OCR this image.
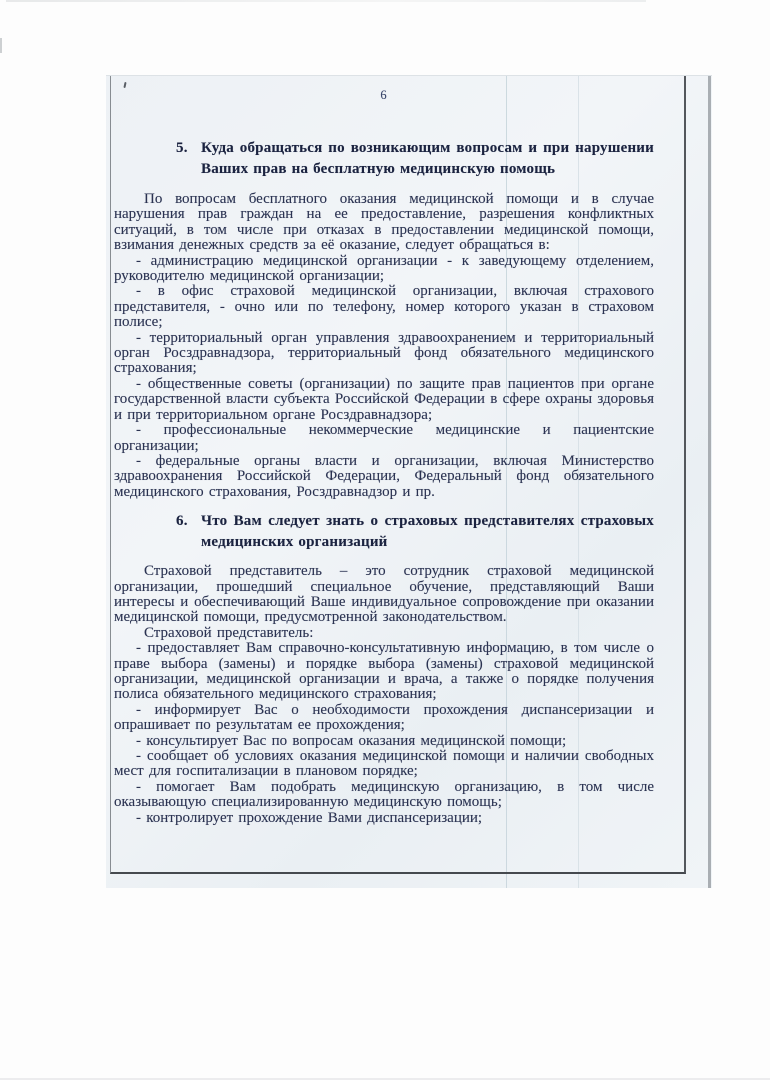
6
5. Куда обращаться по возникающим вопросам и при нарушении Ваших прав на бесплатную медицинскую помощь

По вопросам бесплатного оказания медицинской помощи и в случае нарушения прав граждан на ее предоставление, разрешения конфликтных ситуаций, в том числе при отказах в предоставлении медицинской помощи, взимания денежных средств за её оказание, следует обращаться в:

- администрацию медицинской организации - к заведующему отделением, руководителю медицинской организации;

- в офис страховой медицинской организации, включая страхового представителя, - очно или по телефону, номер которого указан в страховом полисе;

- территориальный орган управления здравоохранением и территориальный орган Росздравнадзора, территориальный фонд обязательного медицинского страхования;

- общественные советы (организации) по защите прав пациентов при органе государственной власти субъекта Российской Федерации в сфере охраны здоровья и при территориальном органе Росздравнадзора;

- профессиональные некоммерческие медицинские и пациентские организации;

- федеральные органы власти и организации, включая Министерство здравоохранения Российской Федерации, Федеральный фонд обязательного медицинского страхования, Росздравнадзор и пр.

6. Что Вам следует знать о страховых представителях страховых медицинских организаций

Страховой представитель – это сотрудник страховой медицинской организации, прошедший специальное обучение, представляющий Ваши интересы и обеспечивающий Ваше индивидуальное сопровождение при оказании медицинской помощи, предусмотренной законодательством.

Страховой представитель:

- предоставляет Вам справочно-консультативную информацию, в том числе о праве выбора (замены) и порядке выбора (замены) страховой медицинской организации, медицинской организации и врача, а также о порядке получения полиса обязательного медицинского страхования;

- информирует Вас о необходимости прохождения диспансеризации и опрашивает по результатам ее прохождения;

- консультирует Вас по вопросам оказания медицинской помощи;

- сообщает об условиях оказания медицинской помощи и наличии свободных мест для госпитализации в плановом порядке;

- помогает Вам подобрать медицинскую организацию, в том числе оказывающую специализированную медицинскую помощь;

- контролирует прохождение Вами диспансеризации;
